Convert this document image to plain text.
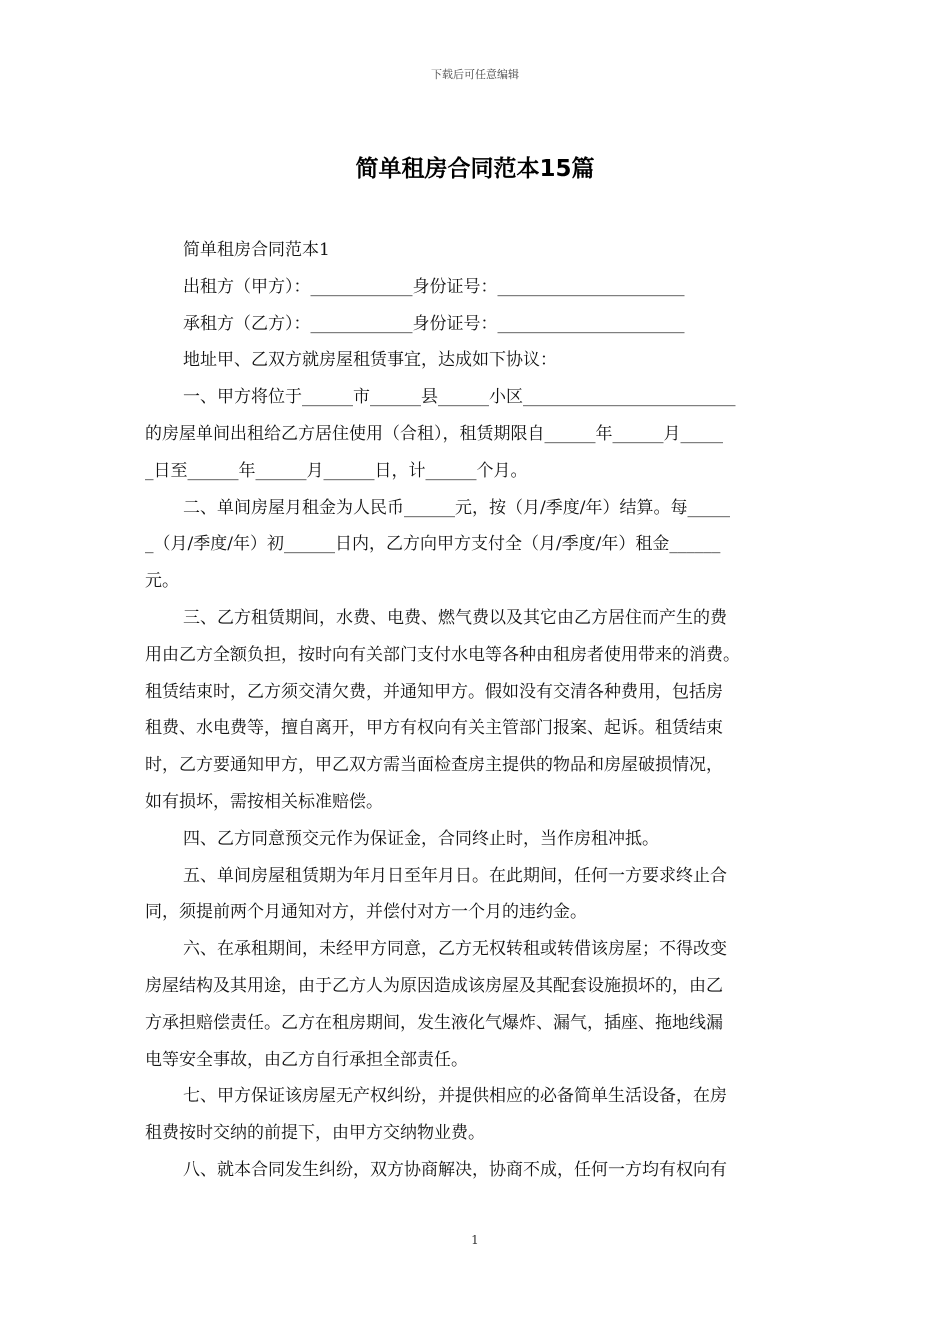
下载后可任意编辑
简单租房合同范本15篇

简单租房合同范本1

出租方（甲方）：____________身份证号：______________________

承租方（乙方）：____________身份证号：______________________

地址甲、乙双方就房屋租赁事宜，达成如下协议：

一、甲方将位于______市______县______小区_________________________

的房屋单间出租给乙方居住使用（合租），租赁期限自______年______月_____

_日至______年______月______日，计______个月。

二、单间房屋月租金为人民币______元，按（月/季度/年）结算。每_____

_（月/季度/年）初______日内，乙方向甲方支付全（月/季度/年）租金______

元。

三、乙方租赁期间，水费、电费、燃气费以及其它由乙方居住而产生的费

用由乙方全额负担，按时向有关部门支付水电等各种由租房者使用带来的消费。

租赁结束时，乙方须交清欠费，并通知甲方。假如没有交清各种费用，包括房

租费、水电费等，擅自离开，甲方有权向有关主管部门报案、起诉。租赁结束

时，乙方要通知甲方，甲乙双方需当面检查房主提供的物品和房屋破损情况，

如有损坏，需按相关标准赔偿。

四、乙方同意预交元作为保证金，合同终止时，当作房租冲抵。

五、单间房屋租赁期为年月日至年月日。在此期间，任何一方要求终止合

同，须提前两个月通知对方，并偿付对方一个月的违约金。

六、在承租期间，未经甲方同意，乙方无权转租或转借该房屋；不得改变

房屋结构及其用途，由于乙方人为原因造成该房屋及其配套设施损坏的，由乙

方承担赔偿责任。乙方在租房期间，发生液化气爆炸、漏气，插座、拖地线漏

电等安全事故，由乙方自行承担全部责任。

七、甲方保证该房屋无产权纠纷，并提供相应的必备简单生活设备，在房

租费按时交纳的前提下，由甲方交纳物业费。

八、就本合同发生纠纷，双方协商解决，协商不成，任何一方均有权向有

1
